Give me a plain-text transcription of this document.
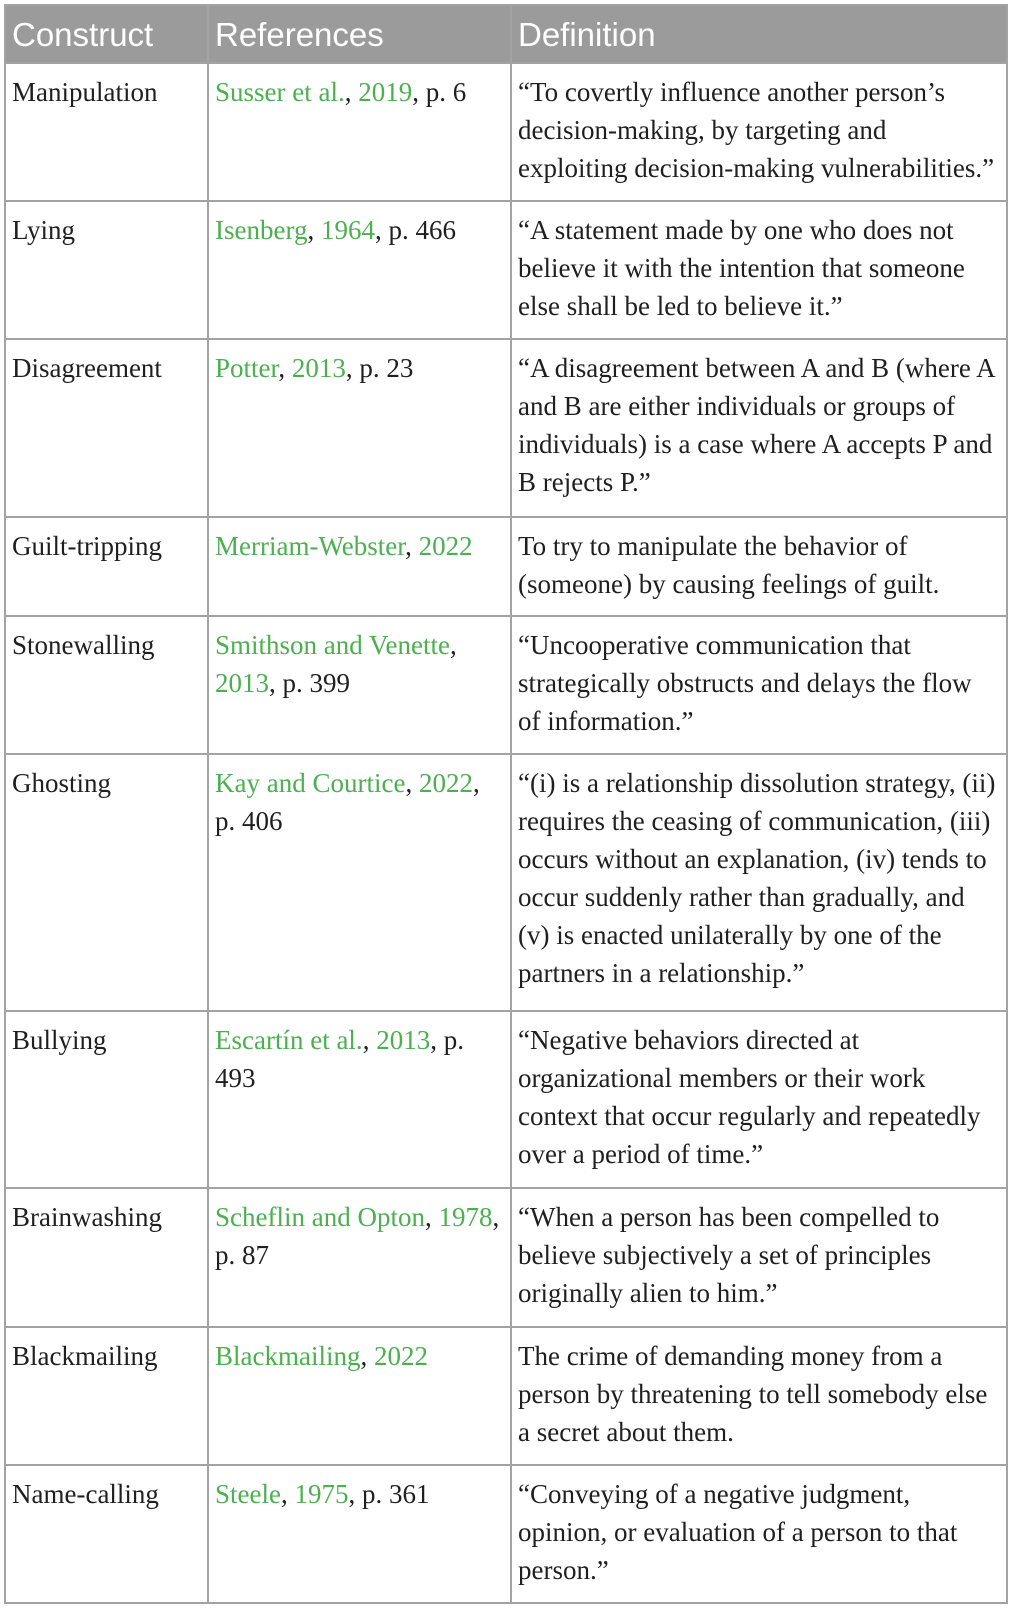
Construct	References	Definition
Manipulation	Susser et al., 2019, p. 6	“To covertly influence another person’s decision-making, by targeting and exploiting decision-making vulnerabilities.”
Lying	Isenberg, 1964, p. 466	“A statement made by one who does not believe it with the intention that someone else shall be led to believe it.”
Disagreement	Potter, 2013, p. 23	“A disagreement between A and B (where A and B are either individuals or groups of individuals) is a case where A accepts P and B rejects P.”
Guilt-tripping	Merriam-Webster, 2022	To try to manipulate the behavior of (someone) by causing feelings of guilt.
Stonewalling	Smithson and Venette, 2013, p. 399	“Uncooperative communication that strategically obstructs and delays the flow of information.”
Ghosting	Kay and Courtice, 2022, p. 406	“(i) is a relationship dissolution strategy, (ii) requires the ceasing of communication, (iii) occurs without an explanation, (iv) tends to occur suddenly rather than gradually, and (v) is enacted unilaterally by one of the partners in a relationship.”
Bullying	Escartín et al., 2013, p. 493	“Negative behaviors directed at organizational members or their work context that occur regularly and repeatedly over a period of time.”
Brainwashing	Scheflin and Opton, 1978, p. 87	“When a person has been compelled to believe subjectively a set of principles originally alien to him.”
Blackmailing	Blackmailing, 2022	The crime of demanding money from a person by threatening to tell somebody else a secret about them.
Name-calling	Steele, 1975, p. 361	“Conveying of a negative judgment, opinion, or evaluation of a person to that person.”
